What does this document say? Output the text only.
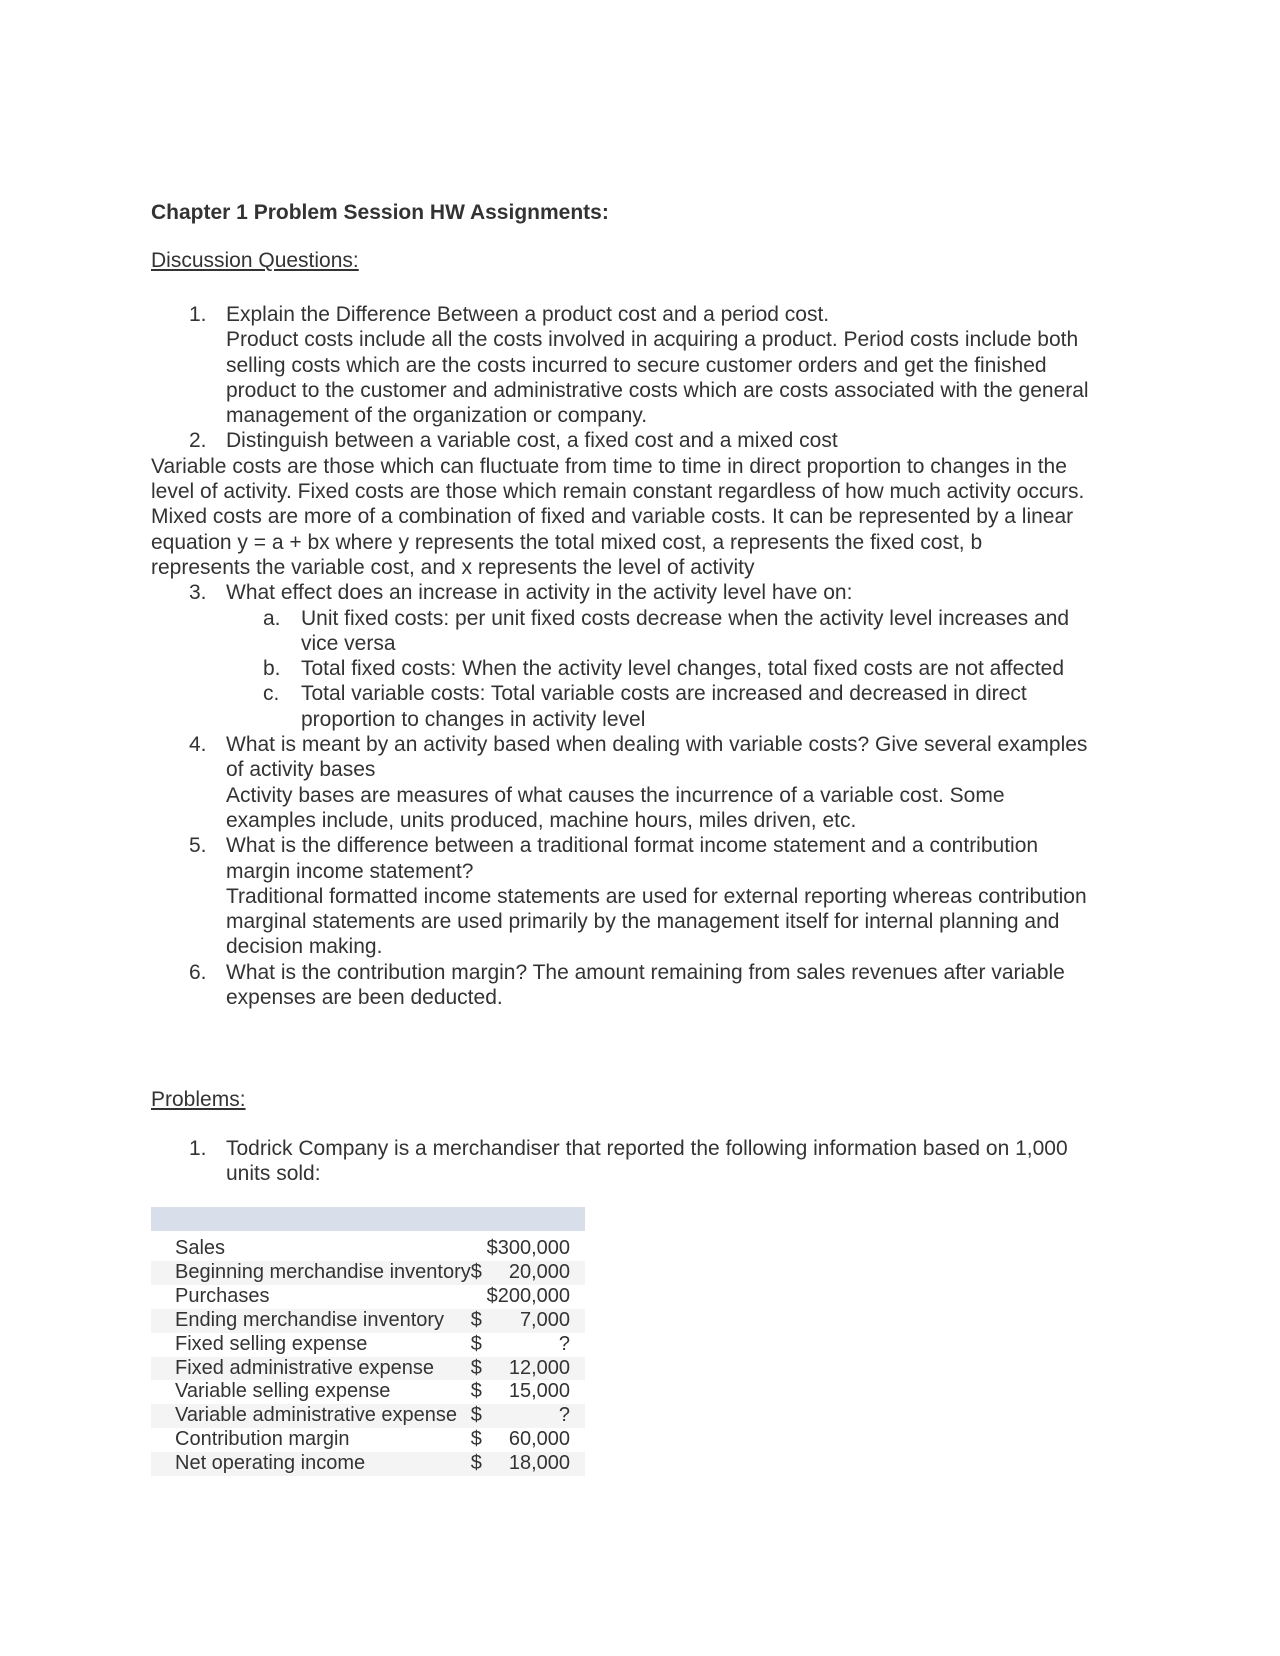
Chapter 1 Problem Session HW Assignments:
Discussion Questions:
1. Explain the Difference Between a product cost and a period cost.
Product costs include all the costs involved in acquiring a product. Period costs include both
selling costs which are the costs incurred to secure customer orders and get the finished
product to the customer and administrative costs which are costs associated with the general
management of the organization or company.
2. Distinguish between a variable cost, a fixed cost and a mixed cost
Variable costs are those which can fluctuate from time to time in direct proportion to changes in the
level of activity. Fixed costs are those which remain constant regardless of how much activity occurs.
Mixed costs are more of a combination of fixed and variable costs. It can be represented by a linear
equation y = a + bx where y represents the total mixed cost, a represents the fixed cost, b
represents the variable cost, and x represents the level of activity
3. What effect does an increase in activity in the activity level have on:
a. Unit fixed costs: per unit fixed costs decrease when the activity level increases and
vice versa
b. Total fixed costs: When the activity level changes, total fixed costs are not affected
c. Total variable costs: Total variable costs are increased and decreased in direct
proportion to changes in activity level
4. What is meant by an activity based when dealing with variable costs? Give several examples
of activity bases
Activity bases are measures of what causes the incurrence of a variable cost. Some
examples include, units produced, machine hours, miles driven, etc.
5. What is the difference between a traditional format income statement and a contribution
margin income statement?
Traditional formatted income statements are used for external reporting whereas contribution
marginal statements are used primarily by the management itself for internal planning and
decision making.
6. What is the contribution margin? The amount remaining from sales revenues after variable
expenses are been deducted.
Problems:
1. Todrick Company is a merchandiser that reported the following information based on 1,000
units sold:

Sales		$300,000
Beginning merchandise inventory	$	20,000
Purchases		$200,000
Ending merchandise inventory	$	7,000
Fixed selling expense	$	?
Fixed administrative expense	$	12,000
Variable selling expense	$	15,000
Variable administrative expense	$	?
Contribution margin	$	60,000
Net operating income	$	18,000
